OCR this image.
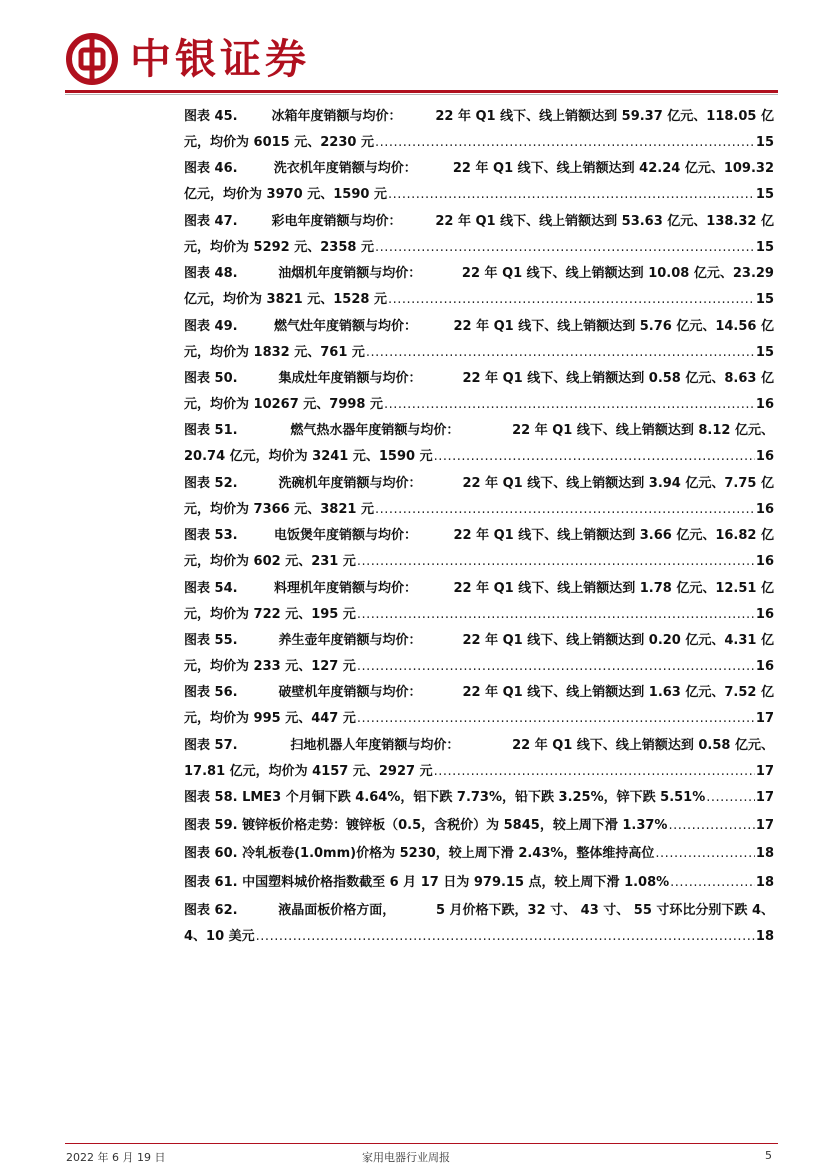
中银证券
图表 45.	冰箱年度销额与均价：	22 年 Q1 线下、线上销额达到 59.37 亿元、118.05 亿
元，均价为 6015 元、2230 元 .....	15
图表 46.	洗衣机年度销额与均价：	22 年 Q1 线下、线上销额达到 42.24 亿元、109.32
亿元，均价为 3970 元、1590 元 .....	15
图表 47.	彩电年度销额与均价：	22 年 Q1 线下、线上销额达到 53.63 亿元、138.32 亿
元，均价为 5292 元、2358 元 .....	15
图表 48.	油烟机年度销额与均价：	22 年 Q1 线下、线上销额达到 10.08 亿元、23.29
亿元，均价为 3821 元、1528 元 .....	15
图表 49.	燃气灶年度销额与均价：	22 年 Q1 线下、线上销额达到 5.76 亿元、14.56 亿
元，均价为 1832 元、761 元 .....	15
图表 50.	集成灶年度销额与均价：	22 年 Q1 线下、线上销额达到 0.58 亿元、8.63 亿
元，均价为 10267 元、7998 元 .....	16
图表 51.	燃气热水器年度销额与均价：	22 年 Q1 线下、线上销额达到 8.12 亿元、
20.74 亿元，均价为 3241 元、1590 元 .....	16
图表 52.	洗碗机年度销额与均价：	22 年 Q1 线下、线上销额达到 3.94 亿元、7.75 亿
元，均价为 7366 元、3821 元 .....	16
图表 53.	电饭煲年度销额与均价：	22 年 Q1 线下、线上销额达到 3.66 亿元、16.82 亿
元，均价为 602 元、231 元 .....	16
图表 54.	料理机年度销额与均价：	22 年 Q1 线下、线上销额达到 1.78 亿元、12.51 亿
元，均价为 722 元、195 元 .....	16
图表 55.	养生壶年度销额与均价：	22 年 Q1 线下、线上销额达到 0.20 亿元、4.31 亿
元，均价为 233 元、127 元 .....	16
图表 56.	破壁机年度销额与均价：	22 年 Q1 线下、线上销额达到 1.63 亿元、7.52 亿
元，均价为 995 元、447 元 .....	17
图表 57.	扫地机器人年度销额与均价：	22 年 Q1 线下、线上销额达到 0.58 亿元、
17.81 亿元，均价为 4157 元、2927 元 .....	17
图表 58. LME3 个月铜下跌 4.64%，铝下跌 7.73%，铅下跌 3.25%，锌下跌 5.51% .....	17
图表 59. 镀锌板价格走势：镀锌板（0.5，含税价）为 5845，较上周下滑 1.37% .....	17
图表 60. 冷轧板卷(1.0mm)价格为 5230，较上周下滑 2.43%，整体维持高位 .....	18
图表 61. 中国塑料城价格指数截至 6 月 17 日为 979.15 点，较上周下滑 1.08% .....	18
图表 62.	液晶面板价格方面，	5 月价格下跌，32 寸、 43 寸、 55 寸环比分别下跌 4、
4、10 美元 .....	18
2022 年 6 月 19 日	家用电器行业周报	5
